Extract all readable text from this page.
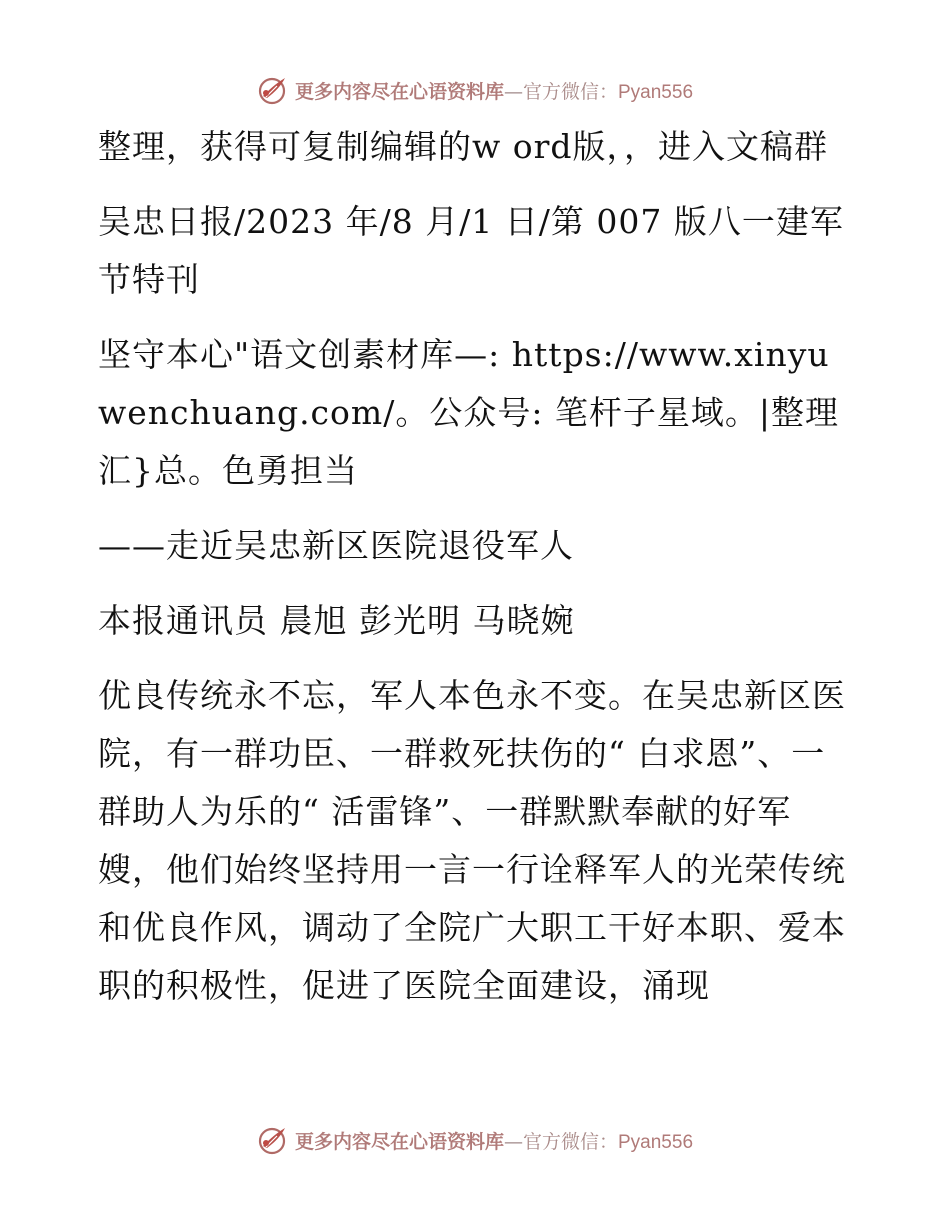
更多内容尽在心语资料库—官方微信：Pyan556

整理，获得可复制编辑的w ord版，，进入文稿群

吴忠日报/2023 年/8 月/1 日/第 007 版八一建军节特刊

坚守本心"语文创素材库—: https://www.xinyuwenchuang.com/。公众号: 笔杆子星域。|整理汇}总。色勇担当

——走近吴忠新区医院退役军人

本报通讯员 晨旭 彭光明 马晓婉

优良传统永不忘，军人本色永不变。在吴忠新区医院，有一群功臣、一群救死扶伤的“ 白求恩”、一群助人为乐的“ 活雷锋”、一群默默奉献的好军嫂，他们始终坚持用一言一行诠释军人的光荣传统和优良作风，调动了全院广大职工干好本职、爱本职的积极性，促进了医院全面建设，涌现

更多内容尽在心语资料库—官方微信：Pyan556
